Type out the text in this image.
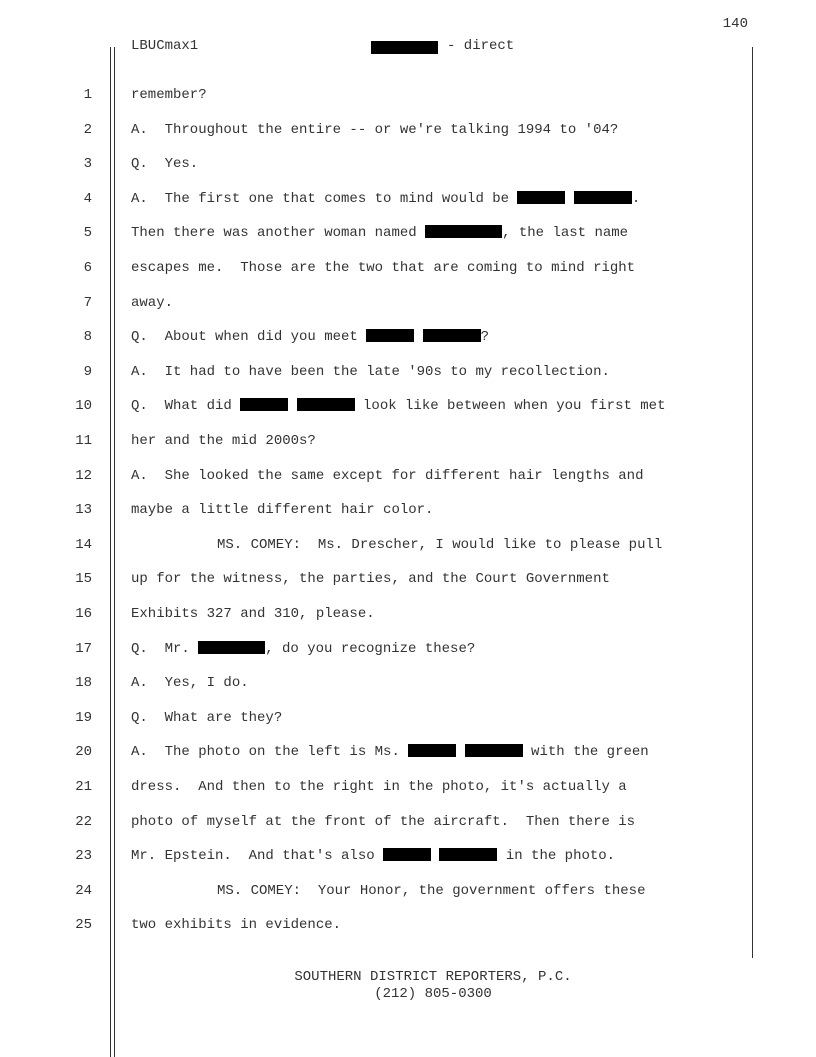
140
LBUCmax1	- direct
1	remember?
2	A.  Throughout the entire -- or we're talking 1994 to '04?
3	Q.  Yes.
4	A.  The first one that comes to mind would be	.
5	Then there was another woman named	, the last name
6	escapes me.  Those are the two that are coming to mind right
7	away.
8	Q.  About when did you meet	?
9	A.  It had to have been the late '90s to my recollection.
10	Q.  What did	look like between when you first met
11	her and the mid 2000s?
12	A.  She looked the same except for different hair lengths and
13	maybe a little different hair color.
14	MS. COMEY:  Ms. Drescher, I would like to please pull
15	up for the witness, the parties, and the Court Government
16	Exhibits 327 and 310, please.
17	Q.  Mr.	, do you recognize these?
18	A.  Yes, I do.
19	Q.  What are they?
20	A.  The photo on the left is Ms.	with the green
21	dress.  And then to the right in the photo, it's actually a
22	photo of myself at the front of the aircraft.  Then there is
23	Mr. Epstein.  And that's also	in the photo.
24	MS. COMEY:  Your Honor, the government offers these
25	two exhibits in evidence.
SOUTHERN DISTRICT REPORTERS, P.C.
(212) 805-0300
